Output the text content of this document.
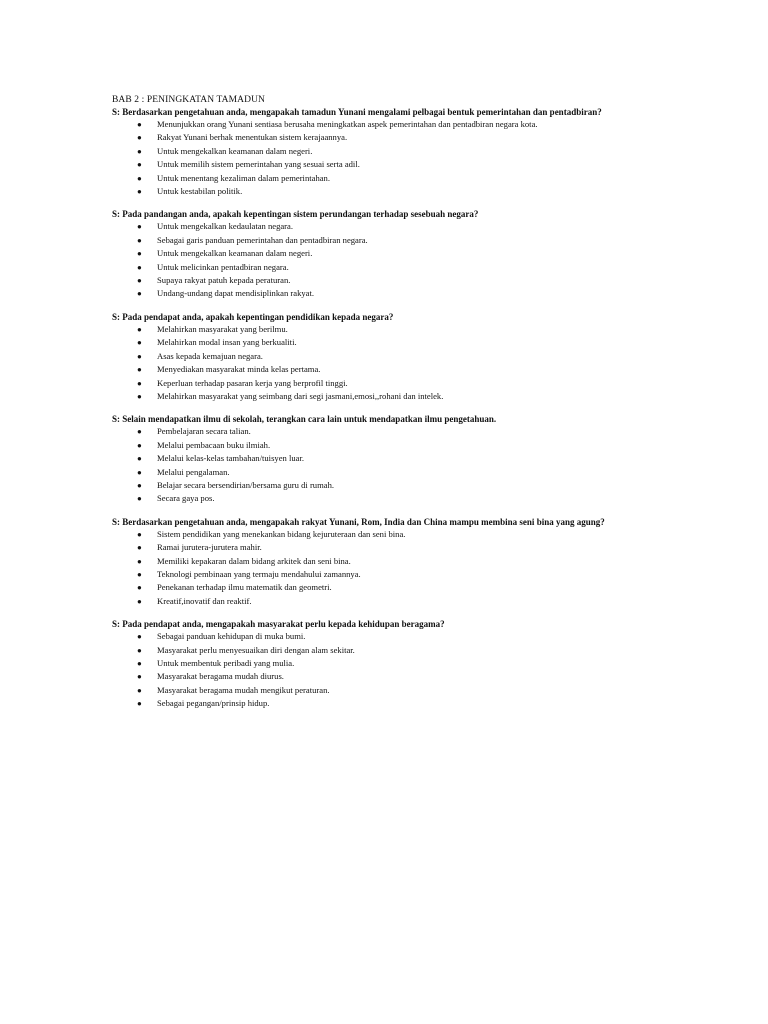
BAB 2 : PENINGKATAN TAMADUN

S: Berdasarkan pengetahuan anda, mengapakah tamadun Yunani mengalami pelbagai bentuk pemerintahan dan pentadbiran?

● Menunjukkan orang Yunani sentiasa berusaha meningkatkan aspek pemerintahan dan pentadbiran negara kota.
● Rakyat Yunani berhak menentukan sistem kerajaannya.
● Untuk mengekalkan keamanan dalam negeri.
● Untuk memilih sistem pemerintahan yang sesuai serta adil.
● Untuk menentang kezaliman dalam pemerintahan.
● Untuk kestabilan politik.

S: Pada pandangan anda, apakah kepentingan sistem perundangan terhadap sesebuah negara?

● Untuk mengekalkan kedaulatan negara.
● Sebagai garis panduan pemerintahan dan pentadbiran negara.
● Untuk mengekalkan keamanan dalam negeri.
● Untuk melicinkan pentadbiran negara.
● Supaya rakyat patuh kepada peraturan.
● Undang-undang dapat mendisiplinkan rakyat.

S: Pada pendapat anda, apakah kepentingan pendidikan kepada negara?

● Melahirkan masyarakat yang berilmu.
● Melahirkan modal insan yang berkualiti.
● Asas kepada kemajuan negara.
● Menyediakan masyarakat minda kelas pertama.
● Keperluan terhadap pasaran kerja yang berprofil tinggi.
● Melahirkan masyarakat yang seimbang dari segi jasmani,emosi,,rohani dan intelek.

S: Selain mendapatkan ilmu di sekolah, terangkan cara lain untuk mendapatkan ilmu pengetahuan.

● Pembelajaran secara talian.
● Melalui pembacaan buku ilmiah.
● Melalui kelas-kelas tambahan/tuisyen luar.
● Melalui pengalaman.
● Belajar secara bersendirian/bersama guru di rumah.
● Secara gaya pos.

S: Berdasarkan pengetahuan anda, mengapakah rakyat Yunani, Rom, India dan China mampu membina seni bina yang agung?

● Sistem pendidikan yang menekankan bidang kejuruteraan dan seni bina.
● Ramai jurutera-jurutera mahir.
● Memiliki kepakaran dalam bidang arkitek dan seni bina.
● Teknologi pembinaan yang termaju mendahului zamannya.
● Penekanan terhadap ilmu matematik dan geometri.
● Kreatif,inovatif dan reaktif.

S: Pada pendapat anda, mengapakah masyarakat perlu kepada kehidupan beragama?

● Sebagai panduan kehidupan di muka bumi.
● Masyarakat perlu menyesuaikan diri dengan alam sekitar.
● Untuk membentuk peribadi yang mulia.
● Masyarakat beragama mudah diurus.
● Masyarakat beragama mudah mengikut peraturan.
● Sebagai pegangan/prinsip hidup.
